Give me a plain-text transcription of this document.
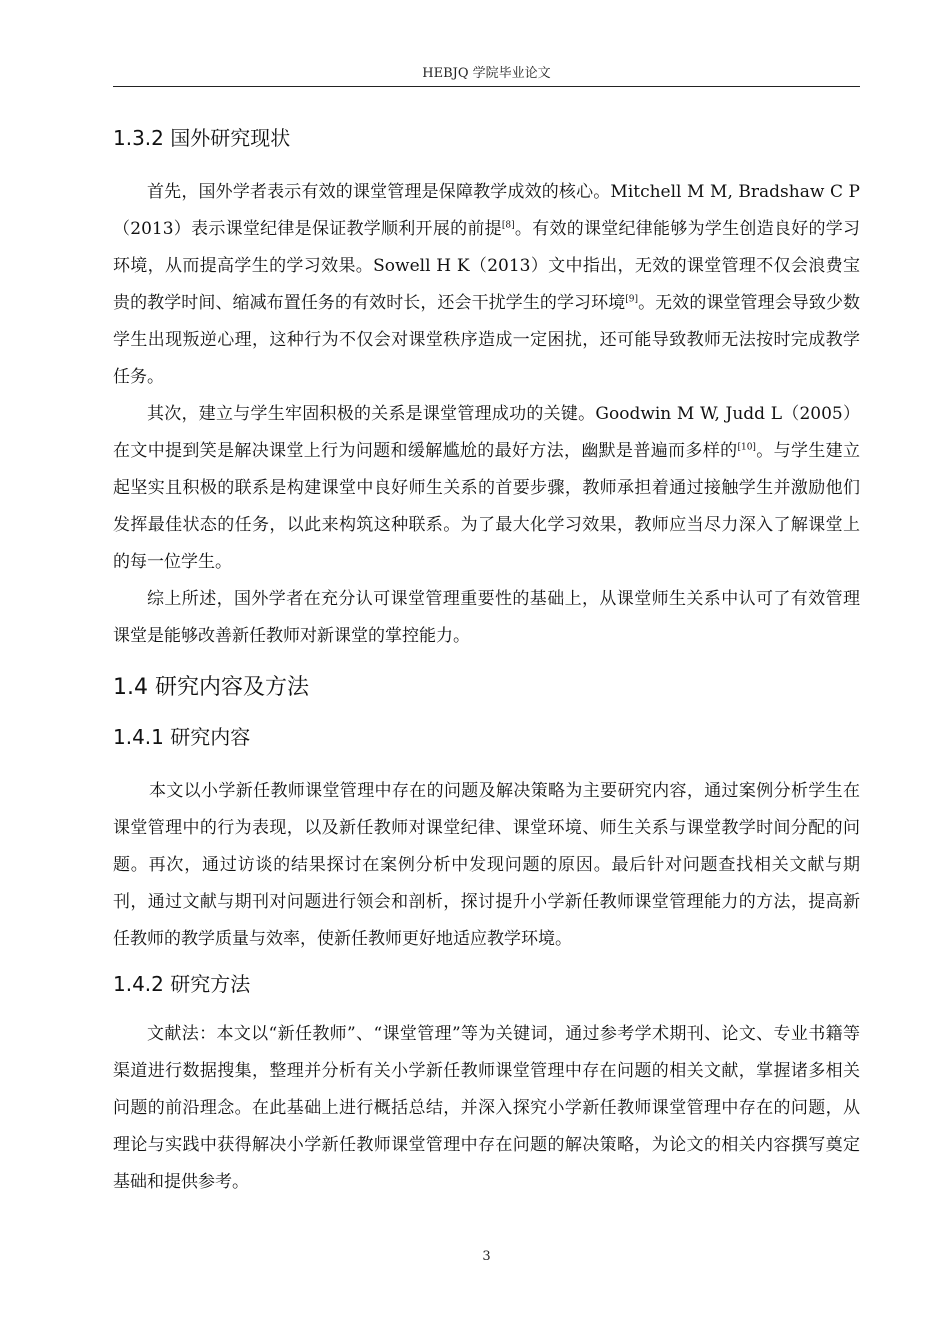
HEBJQ 学院毕业论文
1.3.2 国外研究现状

首先，国外学者表示有效的课堂管理是保障教学成效的核心。Mitchell M M, Bradshaw C P（2013）表示课堂纪律是保证教学顺利开展的前提[8]。有效的课堂纪律能够为学生创造良好的学习环境，从而提高学生的学习效果。Sowell H K（2013）文中指出，无效的课堂管理不仅会浪费宝贵的教学时间、缩减布置任务的有效时长，还会干扰学生的学习环境[9]。无效的课堂管理会导致少数学生出现叛逆心理，这种行为不仅会对课堂秩序造成一定困扰，还可能导致教师无法按时完成教学任务。

其次，建立与学生牢固积极的关系是课堂管理成功的关键。Goodwin M W, Judd L（2005）在文中提到笑是解决课堂上行为问题和缓解尴尬的最好方法，幽默是普遍而多样的[10]。与学生建立起坚实且积极的联系是构建课堂中良好师生关系的首要步骤，教师承担着通过接触学生并激励他们发挥最佳状态的任务，以此来构筑这种联系。为了最大化学习效果，教师应当尽力深入了解课堂上的每一位学生。

综上所述，国外学者在充分认可课堂管理重要性的基础上，从课堂师生关系中认可了有效管理课堂是能够改善新任教师对新课堂的掌控能力。

1.4 研究内容及方法
1.4.1 研究内容

本文以小学新任教师课堂管理中存在的问题及解决策略为主要研究内容，通过案例分析学生在课堂管理中的行为表现，以及新任教师对课堂纪律、课堂环境、师生关系与课堂教学时间分配的问题。再次，通过访谈的结果探讨在案例分析中发现问题的原因。最后针对问题查找相关文献与期刊，通过文献与期刊对问题进行领会和剖析，探讨提升小学新任教师课堂管理能力的方法，提高新任教师的教学质量与效率，使新任教师更好地适应教学环境。

1.4.2 研究方法

文献法：本文以“新任教师”、“课堂管理”等为关键词，通过参考学术期刊、论文、专业书籍等渠道进行数据搜集，整理并分析有关小学新任教师课堂管理中存在问题的相关文献，掌握诸多相关问题的前沿理念。在此基础上进行概括总结，并深入探究小学新任教师课堂管理中存在的问题，从理论与实践中获得解决小学新任教师课堂管理中存在问题的解决策略，为论文的相关内容撰写奠定基础和提供参考。

3
